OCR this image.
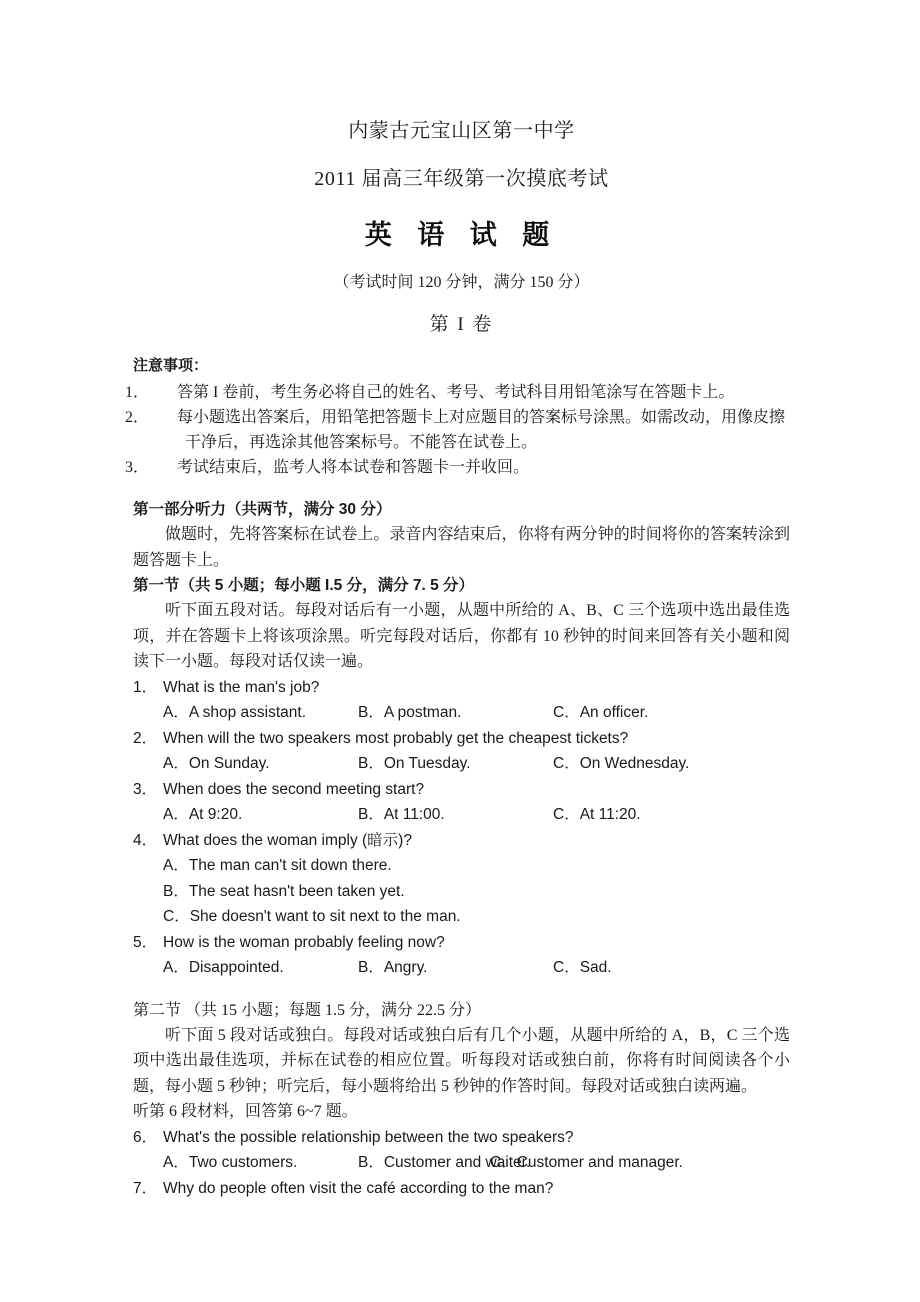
内蒙古元宝山区第一中学
2011 届高三年级第一次摸底考试
英 语 试 题
（考试时间 120 分钟，满分 150 分）
第 I 卷
注意事项：
1． 答第 I 卷前，考生务必将自己的姓名、考号、考试科目用铅笔涂写在答题卡上。
2． 每小题选出答案后，用铅笔把答题卡上对应题目的答案标号涂黑。如需改动，用像皮擦干净后，再选涂其他答案标号。不能答在试卷上。
3． 考试结束后，监考人将本试卷和答题卡一并收回。
第一部分听力（共两节，满分 30 分）
做题时，先将答案标在试卷上。录音内容结束后，你将有两分钟的时间将你的答案转涂到题答题卡上。
第一节（共 5 小题；每小题 I.5 分，满分 7. 5 分）
听下面五段对话。每段对话后有一小题，从题中所给的 A、B、C 三个选项中选出最佳选项，并在答题卡上将该项涂黑。听完每段对话后，你都有 10 秒钟的时间来回答有关小题和阅读下一小题。每段对话仅读一遍。
1． What is the man's job?
A．A shop assistant.	B．A postman.	C．An officer.
2． When will the two speakers most probably get the cheapest tickets?
A．On Sunday.	B．On Tuesday.	C．On Wednesday.
3． When does the second meeting start?
A．At 9:20.	B．At 11:00.	C．At 11:20.
4． What does the woman imply (暗示)?
A．The man can't sit down there.
B．The seat hasn't been taken yet.
C．She doesn't want to sit next to the man.
5． How is the woman probably feeling now?
A．Disappointed.	B．Angry.	C．Sad.
第二节 （共 15 小题；每题 1.5 分，满分 22.5 分）
听下面 5 段对话或独白。每段对话或独白后有几个小题，从题中所给的 A，B，C 三个选项中选出最佳选项，并标在试卷的相应位置。听每段对话或独白前，你将有时间阅读各个小题，每小题 5 秒钟；听完后，每小题将给出 5 秒钟的作答时间。每段对话或独白读两遍。
听第 6 段材料，回答第 6~7 题。
6． What's the possible relationship between the two speakers?
A．Two customers.	B．Customer and waiter.C．Customer and manager.
7． Why do people often visit the café according to the man?
